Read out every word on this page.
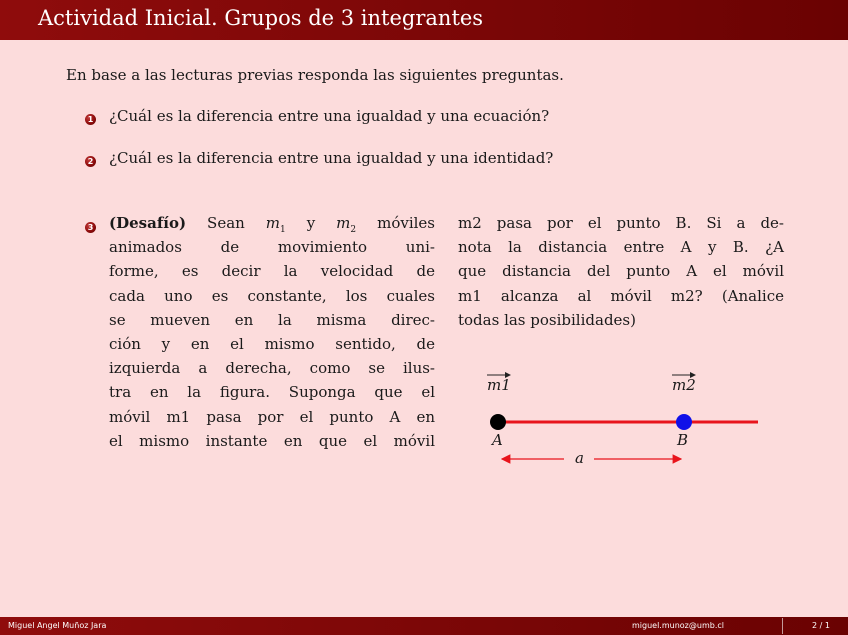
Actividad Inicial. Grupos de 3 integrantes
En base a las lecturas previas responda las siguientes preguntas.
1 ¿Cuál es la diferencia entre una igualdad y una ecuación?
2 ¿Cuál es la diferencia entre una igualdad y una identidad?
3 (Desafío) Sean $m_1$ y $m_2$ móviles
animados de movimiento uni-
forme, es decir la velocidad de
cada uno es constante, los cuales
se mueven en la misma direc-
ción y en el mismo sentido, de
izquierda a derecha, como se ilus-
tra en la figura. Suponga que el
móvil m1 pasa por el punto A en
el mismo instante en que el móvil
m2 pasa por el punto B. Si a de-
nota la distancia entre A y B. ¿A
que distancia del punto A el móvil
m1 alcanza al móvil m2? (Analice
todas las posibilidades)
m1	m2
A	B
a
Miguel Angel Muñoz Jara	miguel.munoz@umb.cl	2 / 1
